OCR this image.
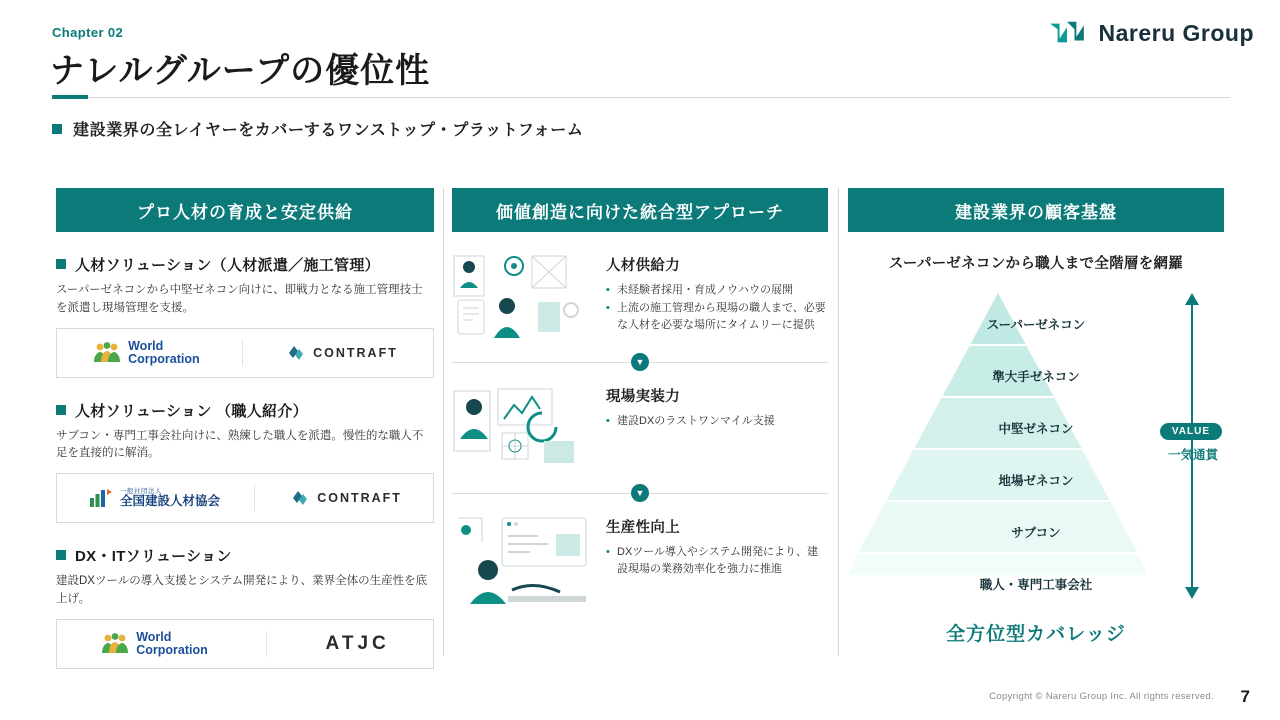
Chapter 02
ナレルグループの優位性
Nareru Group
建設業界の全レイヤーをカバーするワンストップ・プラットフォーム
プロ人材の育成と安定供給
人材ソリューション（人材派遣／施工管理）
スーパーゼネコンから中堅ゼネコン向けに、即戦力となる施工管理技士を派遣し現場管理を支援。
World
Corporation	CONTRAFT
人材ソリューション （職人紹介）
サブコン・専門工事会社向けに、熟練した職人を派遣。慢性的な職人不足を直接的に解消。
一般社団法人
全国建設人材協会	CONTRAFT
DX・ITソリューション
建設DXツールの導入支援とシステム開発により、業界全体の生産性を底上げ。
World
Corporation	ATJC
価値創造に向けた統合型アプローチ
人材供給力
• 未経験者採用・育成ノウハウの展開
• 上流の施工管理から現場の職人まで、必要な人材を必要な場所にタイムリーに提供
▼
現場実装力
• 建設DXのラストワンマイル支援
▼
生産性向上
• DXツール導入やシステム開発により、建設現場の業務効率化を強力に推進
建設業界の顧客基盤
スーパーゼネコンから職人まで全階層を網羅
スーパーゼネコン
準大手ゼネコン
中堅ゼネコン
地場ゼネコン
サブコン
職人・専門工事会社
VALUE
一気通貫
全方位型カバレッジ
Copyright © Nareru Group Inc. All rights reserved. 7
